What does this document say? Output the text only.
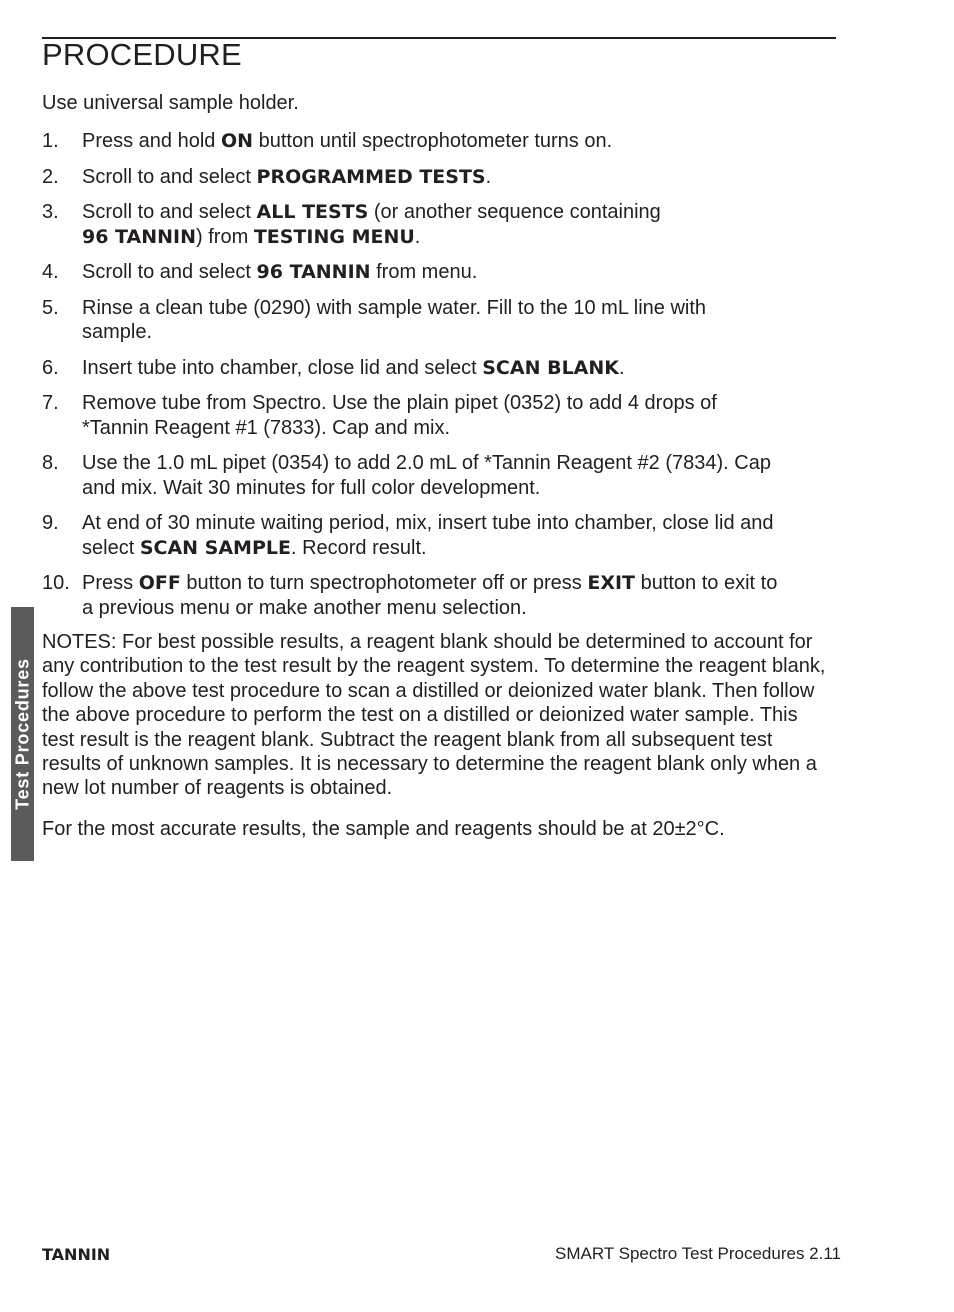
PROCEDURE
Use universal sample holder.
1. Press and hold ON button until spectrophotometer turns on.
2. Scroll to and select PROGRAMMED TESTS.
3. Scroll to and select ALL TESTS (or another sequence containing
96 TANNIN) from TESTING MENU.
4. Scroll to and select 96 TANNIN from menu.
5. Rinse a clean tube (0290) with sample water. Fill to the 10 mL line with
sample.
6. Insert tube into chamber, close lid and select SCAN BLANK.
7. Remove tube from Spectro. Use the plain pipet (0352) to add 4 drops of
*Tannin Reagent #1 (7833). Cap and mix.
8. Use the 1.0 mL pipet (0354) to add 2.0 mL of *Tannin Reagent #2 (7834). Cap
and mix. Wait 30 minutes for full color development.
9. At end of 30 minute waiting period, mix, insert tube into chamber, close lid and
select SCAN SAMPLE. Record result.
10. Press OFF button to turn spectrophotometer off or press EXIT button to exit to
a previous menu or make another menu selection.

NOTES: For best possible results, a reagent blank should be determined to account for any contribution to the test result by the reagent system. To determine the reagent blank, follow the above test procedure to scan a distilled or deionized water blank. Then follow the above procedure to perform the test on a distilled or deionized water sample. This test result is the reagent blank. Subtract the reagent blank from all subsequent test results of unknown samples. It is necessary to determine the reagent blank only when a new lot number of reagents is obtained.

For the most accurate results, the sample and reagents should be at 20±2°C.

Test Procedures
TANNIN	SMART Spectro Test Procedures 2.11
